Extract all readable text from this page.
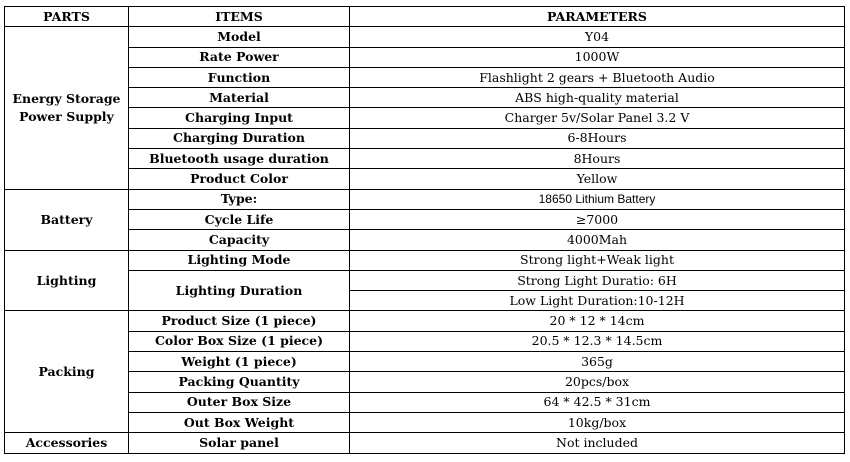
PARTS	ITEMS	PARAMETERS

Energy Storage
Power Supply	Model	Y04
	Rate Power	1000W
	Function	Flashlight 2 gears + Bluetooth Audio
	Material	ABS high-quality material
	Charging Input	Charger 5v/Solar Panel 3.2 V
	Charging Duration	6-8Hours
	Bluetooth usage duration	8Hours
	Product Color	Yellow
Battery	Type:	18650 Lithium Battery
	Cycle Life	≥7000
	Capacity	4000Mah
Lighting	Lighting Mode	Strong light+Weak light
	Lighting Duration	Strong Light Duratio: 6H
		Low Light Duration:10-12H
Packing	Product Size (1 piece)	20 * 12 * 14cm
	Color Box Size (1 piece)	20.5 * 12.3 * 14.5cm
	Weight (1 piece)	365g
	Packing Quantity	20pcs/box
	Outer Box Size	64 * 42.5 * 31cm
	Out Box Weight	10kg/box
Accessories	Solar panel	Not included
